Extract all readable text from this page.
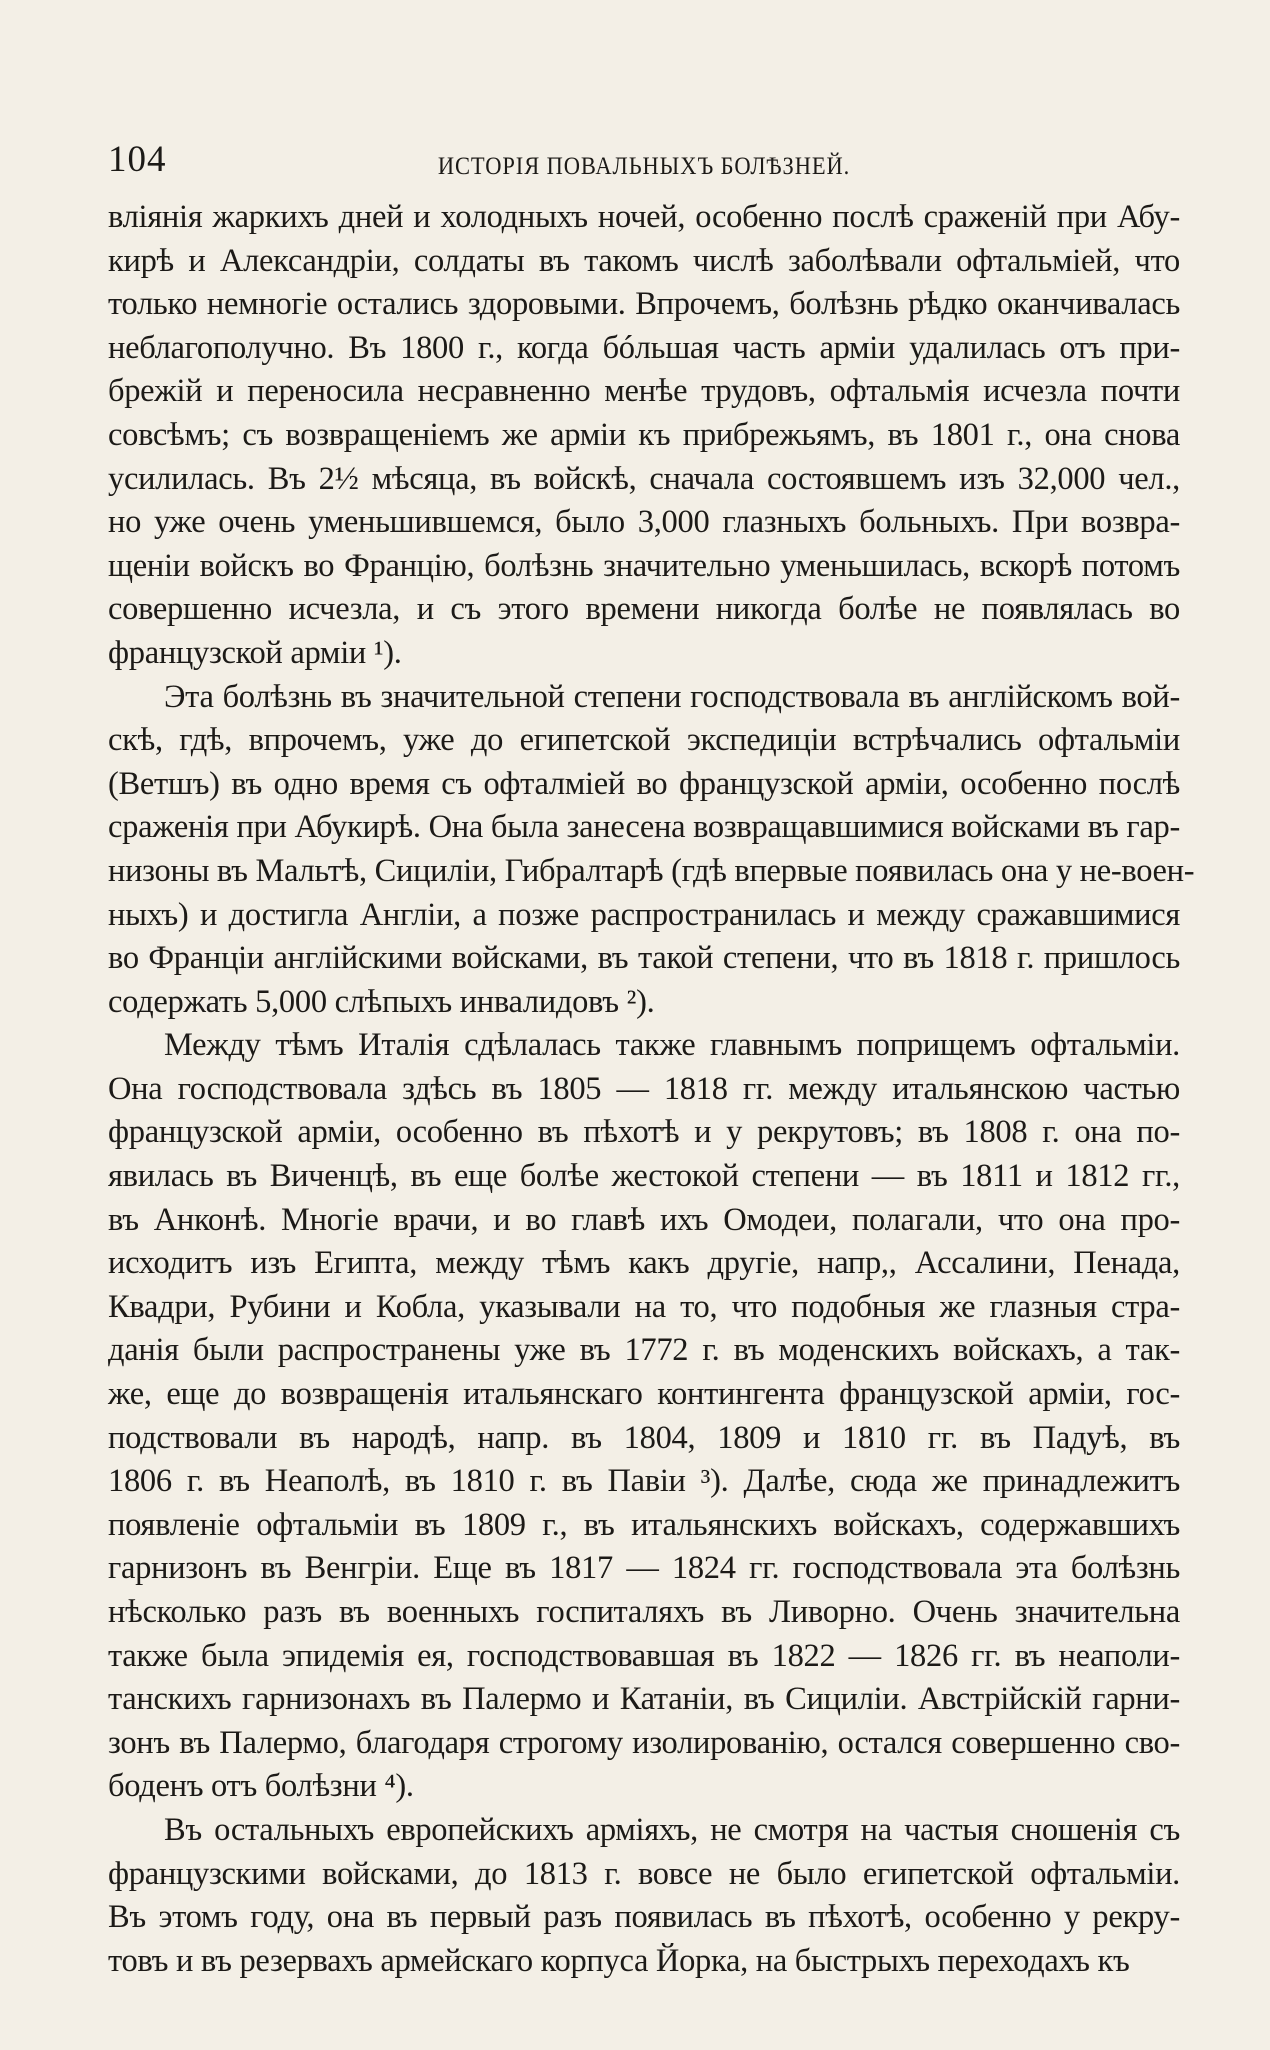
104	ИСТОРІЯ ПОВАЛЬНЫХЪ БОЛѢЗНЕЙ.
вліянія жаркихъ дней и холодныхъ ночей, особенно послѣ сраженій при Абу-
кирѣ и Александріи, солдаты въ такомъ числѣ заболѣвали офтальміей, что
только немногіе остались здоровыми. Впрочемъ, болѣзнь рѣдко оканчивалась
неблагополучно. Въ 1800 г., когда бóльшая часть арміи удалилась отъ при-
брежій и переносила несравненно менѣе трудовъ, офтальмія исчезла почти
совсѣмъ; съ возвращеніемъ же арміи къ прибрежьямъ, въ 1801 г., она снова
усилилась. Въ 2½ мѣсяца, въ войскѣ, сначала состоявшемъ изъ 32,000 чел.,
но уже очень уменьшившемся, было 3,000 глазныхъ больныхъ. При возвра-
щеніи войскъ во Францію, болѣзнь значительно уменьшилась, вскорѣ потомъ
совершенно исчезла, и съ этого времени никогда болѣе не появлялась во
французской арміи ¹).
Эта болѣзнь въ значительной степени господствовала въ англійскомъ вой-
скѣ, гдѣ, впрочемъ, уже до египетской экспедиціи встрѣчались офтальміи
(Ветшъ) въ одно время съ офталміей во французской арміи, особенно послѣ
сраженія при Абукирѣ. Она была занесена возвращавшимися войсками въ гар-
низоны въ Мальтѣ, Сициліи, Гибралтарѣ (гдѣ впервые появилась она у не-воен-
ныхъ) и достигла Англіи, а позже распространилась и между сражавшимися
во Франціи англійскими войсками, въ такой степени, что въ 1818 г. пришлось
содержать 5,000 слѣпыхъ инвалидовъ ²).
Между тѣмъ Италія сдѣлалась также главнымъ поприщемъ офтальміи.
Она господствовала здѣсь въ 1805 — 1818 гг. между итальянскою частью
французской арміи, особенно въ пѣхотѣ и у рекрутовъ; въ 1808 г. она по-
явилась въ Виченцѣ, въ еще болѣе жестокой степени — въ 1811 и 1812 гг.,
въ Анконѣ. Многіе врачи, и во главѣ ихъ Омодеи, полагали, что она про-
исходитъ изъ Египта, между тѣмъ какъ другіе, напр,, Ассалини, Пенада,
Квадри, Рубини и Кобла, указывали на то, что подобныя же глазныя стра-
данія были распространены уже въ 1772 г. въ моденскихъ войскахъ, а так-
же, еще до возвращенія итальянскаго контингента французской арміи, гос-
подствовали въ народѣ, напр. въ 1804, 1809 и 1810 гг. въ Падуѣ, въ
1806 г. въ Неаполѣ, въ 1810 г. въ Павіи ³). Далѣе, сюда же принадлежитъ
появленіе офтальміи въ 1809 г., въ итальянскихъ войскахъ, содержавшихъ
гарнизонъ въ Венгріи. Еще въ 1817 — 1824 гг. господствовала эта болѣзнь
нѣсколько разъ въ военныхъ госпиталяхъ въ Ливорно. Очень значительна
также была эпидемія ея, господствовавшая въ 1822 — 1826 гг. въ неаполи-
танскихъ гарнизонахъ въ Палермо и Катаніи, въ Сициліи. Австрійскій гарни-
зонъ въ Палермо, благодаря строгому изолированію, остался совершенно сво-
боденъ отъ болѣзни ⁴).
Въ остальныхъ европейскихъ арміяхъ, не смотря на частыя сношенія съ
французскими войсками, до 1813 г. вовсе не было египетской офтальміи.
Въ этомъ году, она въ первый разъ появилась въ пѣхотѣ, особенно у рекру-
товъ и въ резервахъ армейскаго корпуса Йорка, на быстрыхъ переходахъ къ
